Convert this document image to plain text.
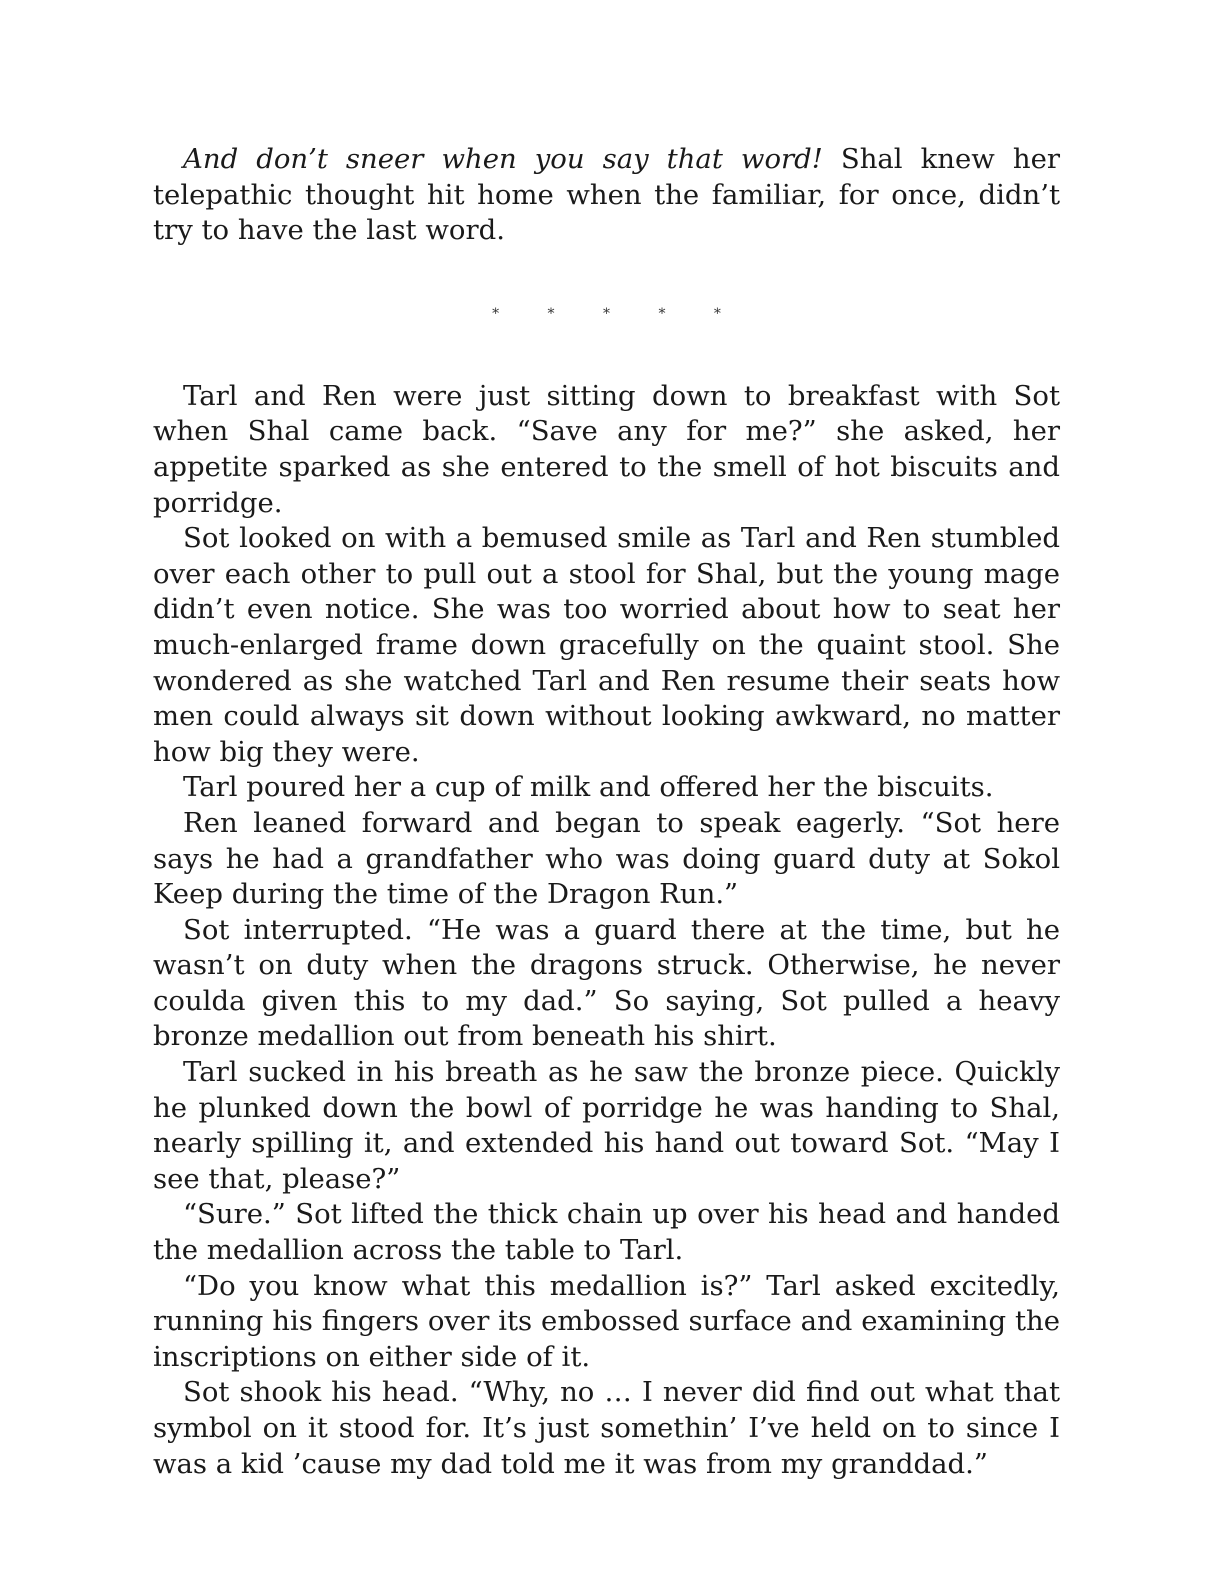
And don’t sneer when you say that word! Shal knew her telepathic thought hit home when the familiar, for once, didn’t try to have the last word.

* * * * *

Tarl and Ren were just sitting down to breakfast with Sot when Shal came back. “Save any for me?” she asked, her appetite sparked as she entered to the smell of hot biscuits and porridge.

Sot looked on with a bemused smile as Tarl and Ren stumbled over each other to pull out a stool for Shal, but the young mage didn’t even notice. She was too worried about how to seat her much-enlarged frame down gracefully on the quaint stool. She wondered as she watched Tarl and Ren resume their seats how men could always sit down without looking awkward, no matter how big they were.

Tarl poured her a cup of milk and offered her the biscuits.

Ren leaned forward and began to speak eagerly. “Sot here says he had a grandfather who was doing guard duty at Sokol Keep during the time of the Dragon Run.”

Sot interrupted. “He was a guard there at the time, but he wasn’t on duty when the dragons struck. Otherwise, he never coulda given this to my dad.” So saying, Sot pulled a heavy bronze medallion out from beneath his shirt.

Tarl sucked in his breath as he saw the bronze piece. Quickly he plunked down the bowl of porridge he was handing to Shal, nearly spilling it, and extended his hand out toward Sot. “May I see that, please?”

“Sure.” Sot lifted the thick chain up over his head and handed the medallion across the table to Tarl.

“Do you know what this medallion is?” Tarl asked excitedly, running his fingers over its embossed surface and examining the inscriptions on either side of it.

Sot shook his head. “Why, no … I never did find out what that symbol on it stood for. It’s just somethin’ I’ve held on to since I was a kid ’cause my dad told me it was from my granddad.”
